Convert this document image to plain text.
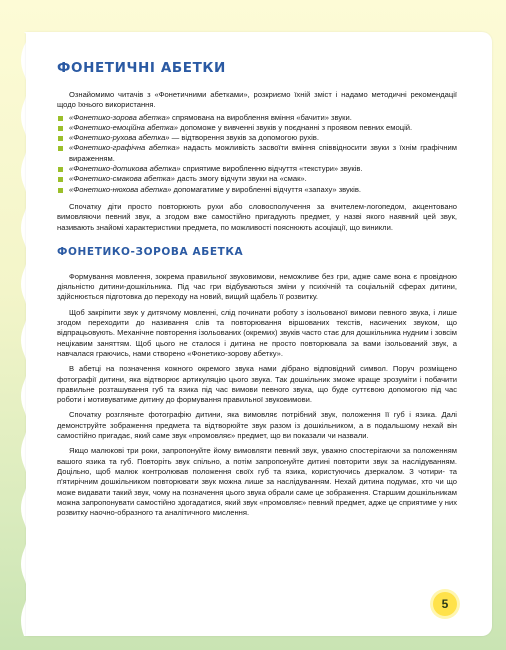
ФОНЕТИЧНІ АБЕТКИ

Ознайомимо читачів з «Фонетичними абетками», розкриємо їхній зміст і надамо методичні рекомендації щодо їхнього використання.

«Фонетико-зорова абетка» спрямована на вироблення вміння «бачити» звуки.
«Фонетико-емоційна абетка» допоможе у вивченні звуків у поєднанні з проявом певних емоцій.
«Фонетико-рухова абетка» — відтворення звуків за допомогою рухів.
«Фонетико-графічна абетка» надасть можливість засвоїти вміння співвідносити звуки з їхнім графічним вираженням.
«Фонетико-дотикова абетка» сприятиме виробленню відчуття «текстури» звуків.
«Фонетико-смакова абетка» дасть змогу відчути звуки на «смак».
«Фонетико-нюхова абетка» допомагатиме у виробленні відчуття «запаху» звуків.

Спочатку діти просто повторюють рухи або словосполучення за вчителем-логопедом, акцентовано вимовляючи певний звук, а згодом вже самостійно пригадують предмет, у назві якого наявний цей звук, називають знайомі характеристики предмета, по можливості пояснюють асоціації, що виникли.

ФОНЕТИКО-ЗОРОВА АБЕТКА

Формування мовлення, зокрема правильної звуковимови, неможливе без гри, адже саме вона є провідною діяльністю дитини-дошкільника. Під час гри відбуваються зміни у психічній та соціальній сферах дитини, здійснюється підготовка до переходу на новий, вищий щабель її розвитку.

Щоб закріпити звук у дитячому мовленні, слід починати роботу з ізольованої вимови певного звука, і лише згодом переходити до називання слів та повторювання віршованих текстів, насичених звуком, що відпрацьовують. Механічне повторення ізольованих (окремих) звуків часто стає для дошкільника нудним і зовсім нецікавим заняттям. Щоб цього не сталося і дитина не просто повторювала за вами ізольований звук, а навчалася граючись, нами створено «Фонетико-зорову абетку».

В абетці на позначення кожного окремого звука нами дібрано відповідний символ. Поруч розміщено фотографії дитини, яка відтворює артикуляцію цього звука. Так дошкільник зможе краще зрозуміти і побачити правильне розташування губ та язика під час вимови певного звука, що буде суттєвою допомогою під час роботи і мотивуватиме дитину до формування правильної звуковимови.

Спочатку розгляньте фотографію дитини, яка вимовляє потрібний звук, положення її губ і язика. Далі демонструйте зображення предмета та відтворюйте звук разом із дошкільником, а в подальшому нехай він самостійно пригадає, який саме звук «промовляє» предмет, що ви показали чи назвали.

Якщо малюкові три роки, запропонуйте йому вимовляти певний звук, уважно спостерігаючи за положенням вашого язика та губ. Повторіть звук спільно, а потім запропонуйте дитині повторити звук за наслідуванням. Доцільно, щоб малюк контролював положення своїх губ та язика, користуючись дзеркалом. З чотири- та п'ятирічним дошкільником повторювати звук можна лише за наслідуванням. Нехай дитина подумає, хто чи що може видавати такий звук, чому на позначення цього звука обрали саме це зображення. Старшим дошкільникам можна запропонувати самостійно здогадатися, який звук «промовляє» певний предмет, адже це сприятиме у них розвитку наочно-образного та аналітичного мислення.

5
